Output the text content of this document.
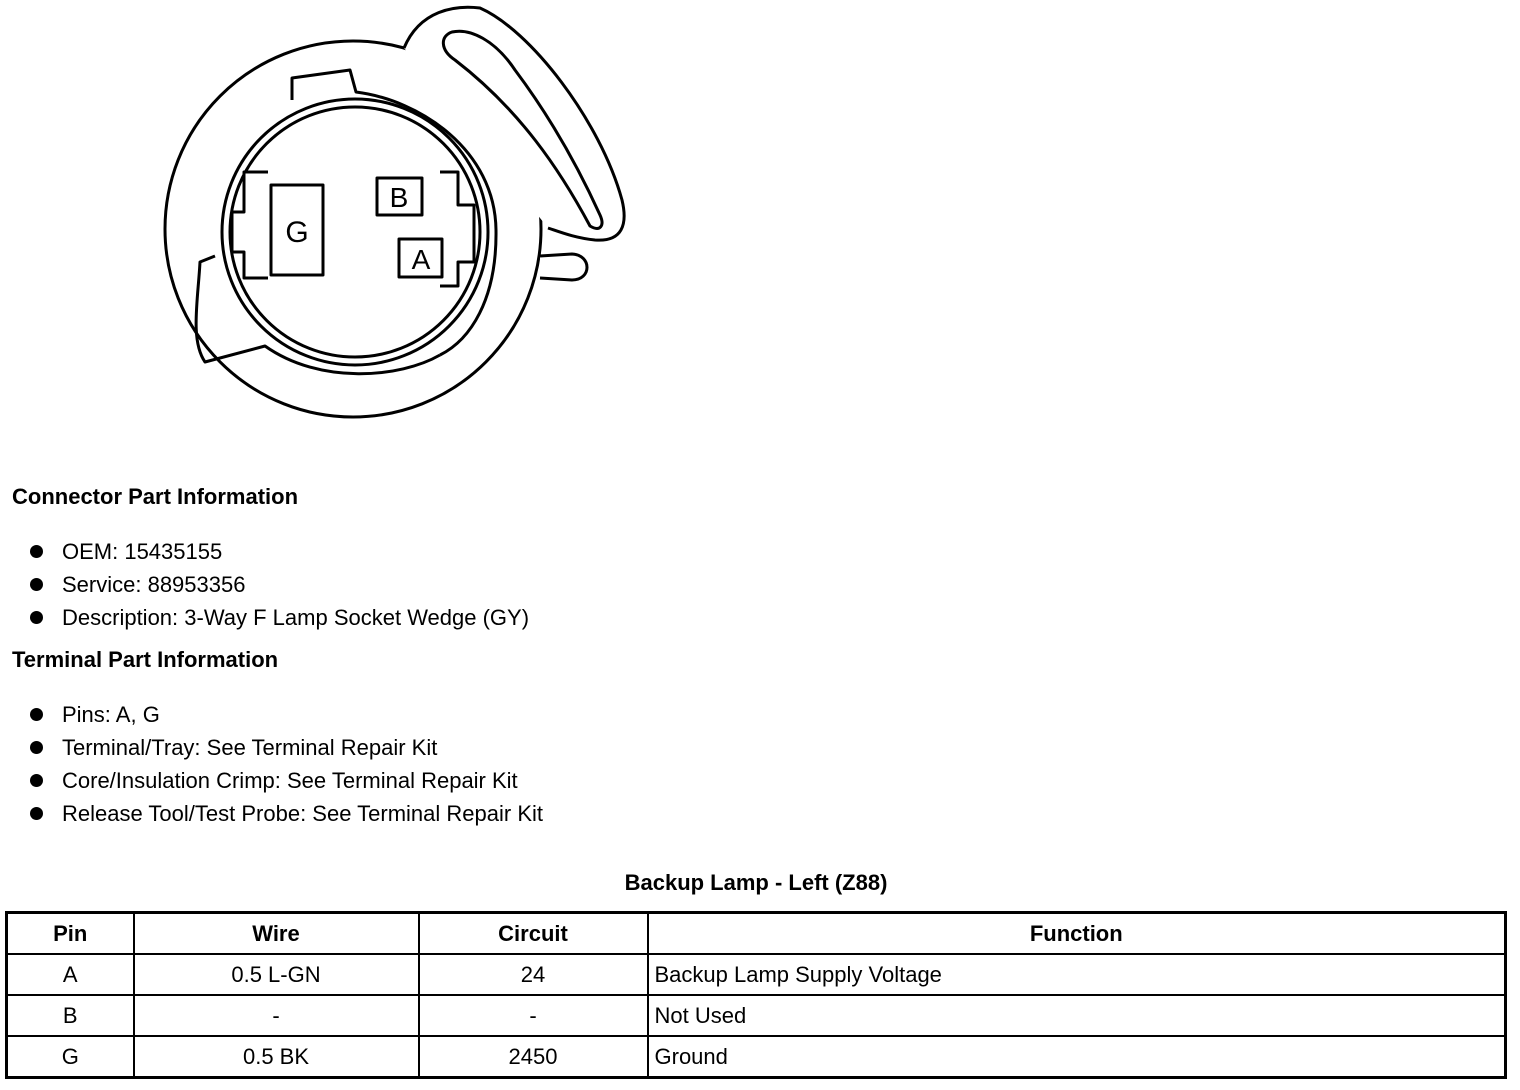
G
B
A
Connector Part Information
OEM: 15435155
Service: 88953356
Description: 3-Way F Lamp Socket Wedge (GY)
Terminal Part Information
Pins: A, G
Terminal/Tray: See Terminal Repair Kit
Core/Insulation Crimp: See Terminal Repair Kit
Release Tool/Test Probe: See Terminal Repair Kit
Backup Lamp - Left (Z88)
Pin	Wire	Circuit	Function
A	0.5 L-GN	24	Backup Lamp Supply Voltage
B	-	-	Not Used
G	0.5 BK	2450	Ground
